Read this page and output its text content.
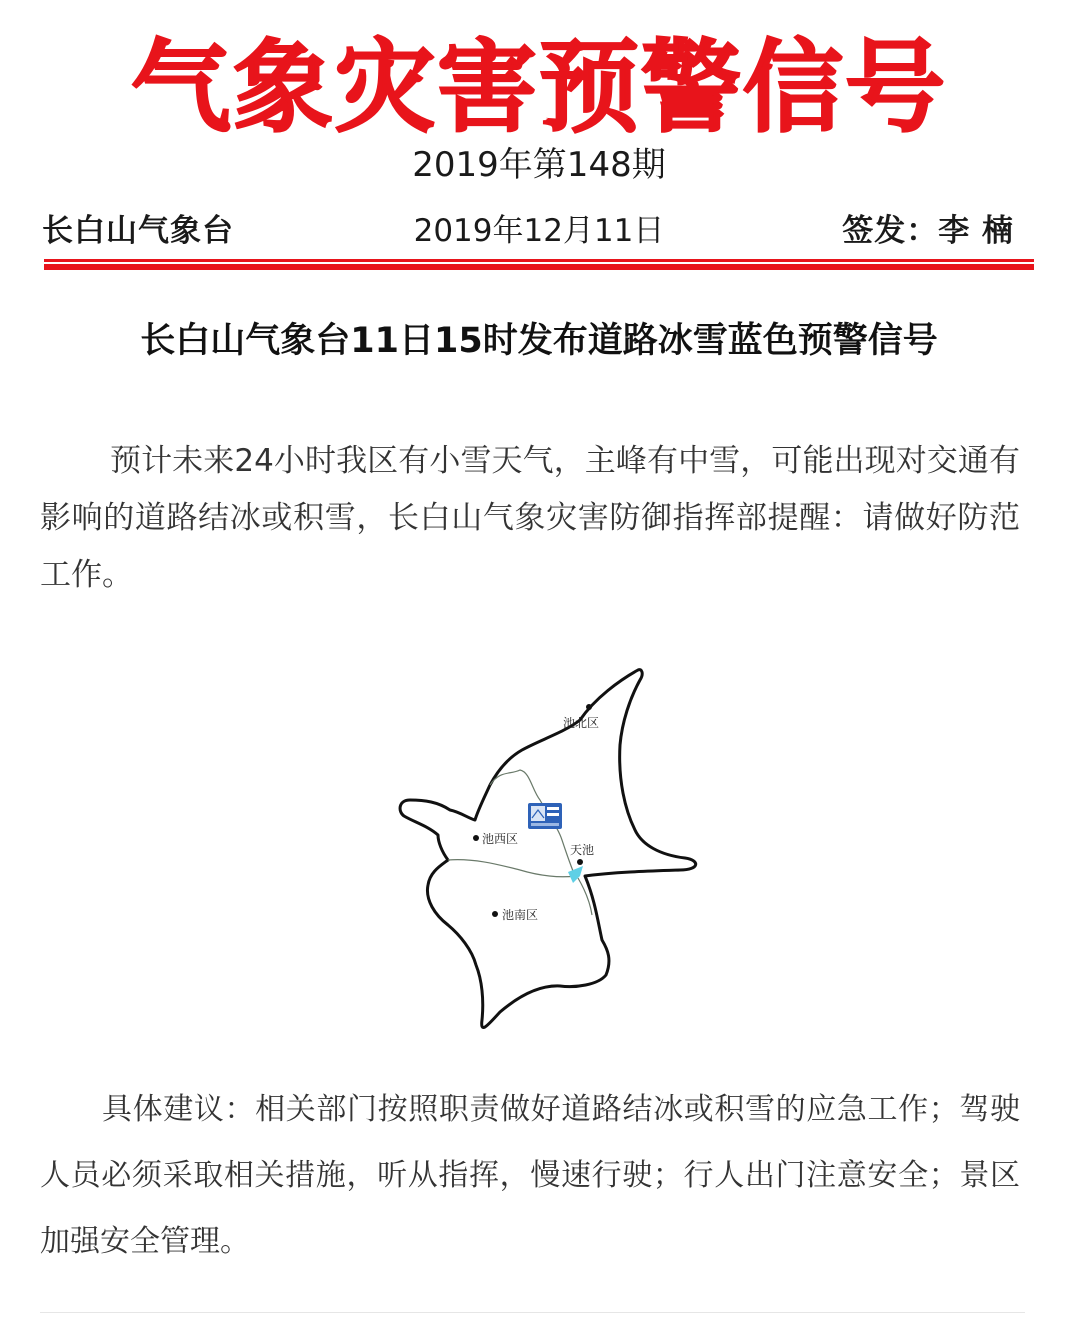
气象灾害预警信号
2019年第148期
长白山气象台	2019年12月11日	签发：李 楠
长白山气象台11日15时发布道路冰雪蓝色预警信号

预计未来24小时我区有小雪天气，主峰有中雪，可能出现对交通有影响的道路结冰或积雪，长白山气象灾害防御指挥部提醒：请做好防范工作。

池北区
池西区
池南区
天池

具体建议：相关部门按照职责做好道路结冰或积雪的应急工作；驾驶人员必须采取相关措施，听从指挥，慢速行驶；行人出门注意安全；景区加强安全管理。
